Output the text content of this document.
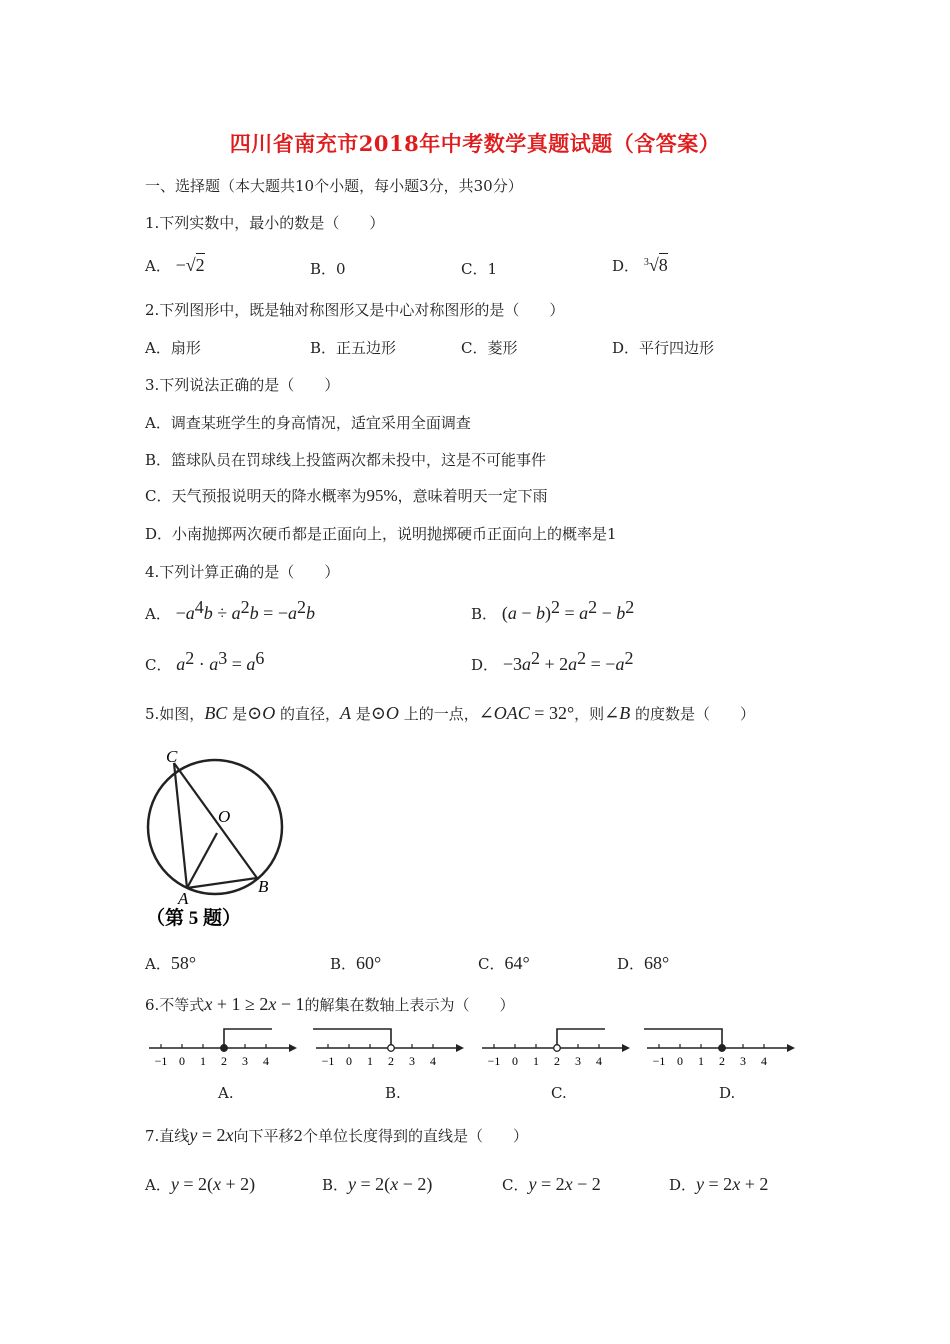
四川省南充市2018年中考数学真题试题（含答案）
一、选择题（本大题共10个小题，每小题3分，共30分）
1.下列实数中，最小的数是（　　）
A． −√2	B．0	C．1	D． $^3$√8
2.下列图形中，既是轴对称图形又是中心对称图形的是（　　）
A．扇形	B．正五边形	C．菱形	D．平行四边形
3.下列说法正确的是（　　）
A．调查某班学生的身高情况，适宜采用全面调查
B．篮球队员在罚球线上投篮两次都未投中，这是不可能事件
C．天气预报说明天的降水概率为95%，意味着明天一定下雨
D．小南抛掷两次硬币都是正面向上，说明抛掷硬币正面向上的概率是1
4.下列计算正确的是（　　）
A． $-a^4b \div a^2b = -a^2b$	B． $(a - b)^2 = a^2 - b^2$
C． $a^2 \cdot a^3 = a^6$	D． $-3a^2 + 2a^2 = -a^2$
5.如图，BC 是⊙O 的直径，A 是⊙O 上的一点，∠OAC = 32°，则∠B 的度数是（　　）
C
O
A
B
（第 5 题）
A．58°	B．60°	C．64°	D．68°
6.不等式x + 1 ≥ 2x − 1的解集在数轴上表示为（　　）
−1 0 1 2 3 4	−1 0 1 2 3 4	−1 0 1 2 3 4	−1 0 1 2 3 4
A.	B.	C.	D.
7.直线y = 2x向下平移2个单位长度得到的直线是（　　）
A．y = 2(x + 2)	B．y = 2(x − 2)	C．y = 2x − 2	D．y = 2x + 2
